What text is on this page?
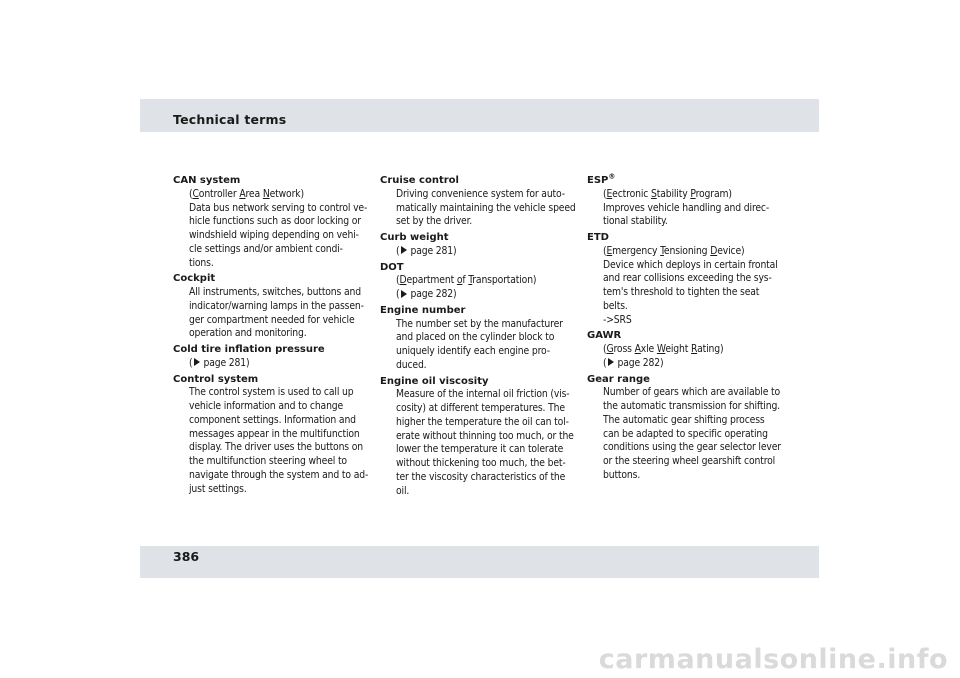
Technical terms
CAN system
(Controller Area Network)
Data bus network serving to control ve-
hicle functions such as door locking or
windshield wiping depending on vehi-
cle settings and/or ambient condi-
tions.
Cockpit
All instruments, switches, buttons and
indicator/warning lamps in the passen-
ger compartment needed for vehicle
operation and monitoring.
Cold tire inflation pressure
( page 281)
Control system
The control system is used to call up
vehicle information and to change
component settings. Information and
messages appear in the multifunction
display. The driver uses the buttons on
the multifunction steering wheel to
navigate through the system and to ad-
just settings.
Cruise control
Driving convenience system for auto-
matically maintaining the vehicle speed
set by the driver.
Curb weight
( page 281)
DOT
(Department of Transportation)
( page 282)
Engine number
The number set by the manufacturer
and placed on the cylinder block to
uniquely identify each engine pro-
duced.
Engine oil viscosity
Measure of the internal oil friction (vis-
cosity) at different temperatures. The
higher the temperature the oil can tol-
erate without thinning too much, or the
lower the temperature it can tolerate
without thickening too much, the bet-
ter the viscosity characteristics of the
oil.
ESP®
(Eectronic Stability Program)
Improves vehicle handling and direc-
tional stability.
ETD
(Emergency Tensioning Device)
Device which deploys in certain frontal
and rear collisions exceeding the sys-
tem's threshold to tighten the seat
belts.
->SRS
GAWR
(Gross Axle Weight Rating)
( page 282)
Gear range
Number of gears which are available to
the automatic transmission for shifting.
The automatic gear shifting process
can be adapted to specific operating
conditions using the gear selector lever
or the steering wheel gearshift control
buttons.
386
carmanualsonline.info
